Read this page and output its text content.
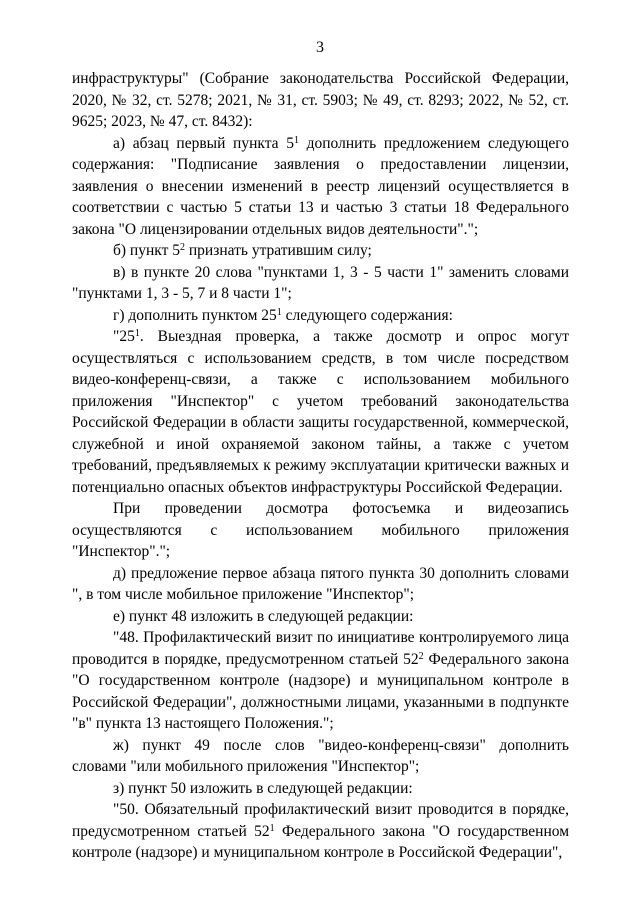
3

инфраструктуры" (Собрание законодательства Российской Федерации, 2020, № 32, ст. 5278; 2021, № 31, ст. 5903; № 49, ст. 8293; 2022, № 52, ст. 9625; 2023, № 47, ст. 8432):

а) абзац первый пункта $5^1$ дополнить предложением следующего содержания: "Подписание заявления о предоставлении лицензии, заявления о внесении изменений в реестр лицензий осуществляется в соответствии с частью 5 статьи 13 и частью 3 статьи 18 Федерального закона "О лицензировании отдельных видов деятельности".";

б) пункт $5^2$ признать утратившим силу;

в) в пункте 20 слова "пунктами 1, 3 - 5 части 1" заменить словами "пунктами 1, 3 - 5, 7 и 8 части 1";

г) дополнить пунктом $25^1$ следующего содержания:

"$25^1$. Выездная проверка, а также досмотр и опрос могут осуществляться с использованием средств, в том числе посредством видео-конференц-связи, а также с использованием мобильного приложения "Инспектор" с учетом требований законодательства Российской Федерации в области защиты государственной, коммерческой, служебной и иной охраняемой законом тайны, а также с учетом требований, предъявляемых к режиму эксплуатации критически важных и потенциально опасных объектов инфраструктуры Российской Федерации.

При проведении досмотра фотосъемка и видеозапись осуществляются с использованием мобильного приложения "Инспектор".";

д) предложение первое абзаца пятого пункта 30 дополнить словами ", в том числе мобильное приложение "Инспектор";

е) пункт 48 изложить в следующей редакции:

"48. Профилактический визит по инициативе контролируемого лица проводится в порядке, предусмотренном статьей $52^2$ Федерального закона "О государственном контроле (надзоре) и муниципальном контроле в Российской Федерации", должностными лицами, указанными в подпункте "в" пункта 13 настоящего Положения.";

ж) пункт 49 после слов "видео-конференц-связи" дополнить словами "или мобильного приложения "Инспектор";

з) пункт 50 изложить в следующей редакции:

"50. Обязательный профилактический визит проводится в порядке, предусмотренном статьей $52^1$ Федерального закона "О государственном контроле (надзоре) и муниципальном контроле в Российской Федерации",
